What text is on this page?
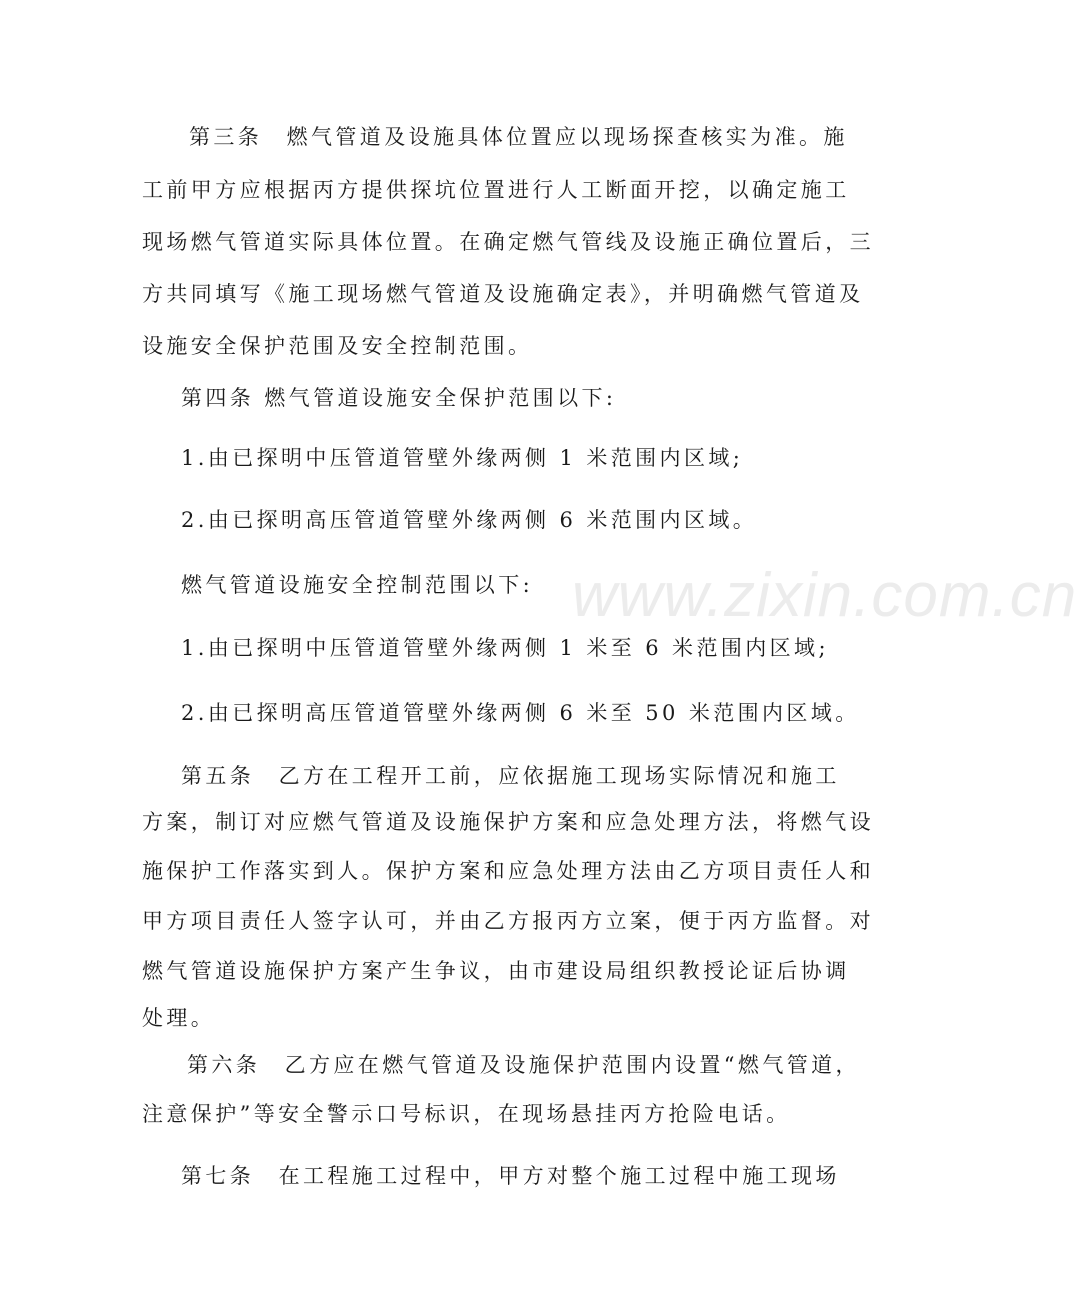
www.zixin.com.cn
第三条　燃气管道及设施具体位置应以现场探查核实为准。施
工前甲方应根据丙方提供探坑位置进行人工断面开挖，以确定施工
现场燃气管道实际具体位置。在确定燃气管线及设施正确位置后，三
方共同填写《施工现场燃气管道及设施确定表》，并明确燃气管道及
设施安全保护范围及安全控制范围。
第四条 燃气管道设施安全保护范围以下:
1.由已探明中压管道管壁外缘两侧 1 米范围内区域;
2.由已探明高压管道管壁外缘两侧 6 米范围内区域。
燃气管道设施安全控制范围以下:
1.由已探明中压管道管壁外缘两侧 1 米至 6 米范围内区域;
2.由已探明高压管道管壁外缘两侧 6 米至 50 米范围内区域。
第五条　乙方在工程开工前，应依据施工现场实际情况和施工
方案，制订对应燃气管道及设施保护方案和应急处理方法，将燃气设
施保护工作落实到人。保护方案和应急处理方法由乙方项目责任人和
甲方项目责任人签字认可，并由乙方报丙方立案，便于丙方监督。对
燃气管道设施保护方案产生争议，由市建设局组织教授论证后协调
处理。
第六条　乙方应在燃气管道及设施保护范围内设置“燃气管道，
注意保护”等安全警示口号标识，在现场悬挂丙方抢险电话。
第七条　在工程施工过程中，甲方对整个施工过程中施工现场
